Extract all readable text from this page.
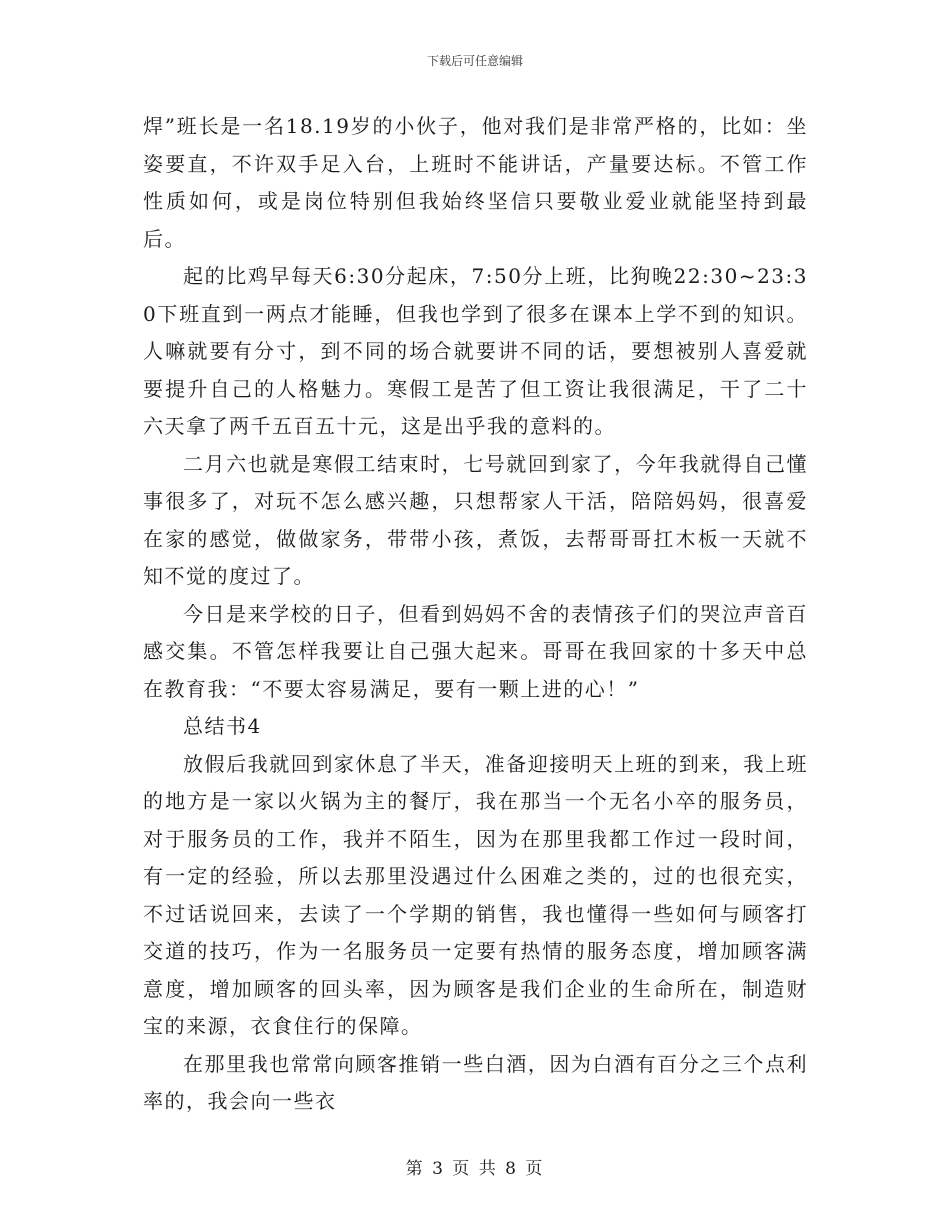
下载后可任意编辑

焊”班长是一名18.19岁的小伙子，他对我们是非常严格的，比如：坐姿要直，不许双手足入台，上班时不能讲话，产量要达标。不管工作性质如何，或是岗位特别但我始终坚信只要敬业爱业就能坚持到最后。

起的比鸡早每天6:30分起床，7:50分上班，比狗晚22:30~23:30下班直到一两点才能睡，但我也学到了很多在课本上学不到的知识。人嘛就要有分寸，到不同的场合就要讲不同的话，要想被别人喜爱就要提升自己的人格魅力。寒假工是苦了但工资让我很满足，干了二十六天拿了两千五百五十元，这是出乎我的意料的。

二月六也就是寒假工结束时，七号就回到家了，今年我就得自己懂事很多了，对玩不怎么感兴趣，只想帮家人干活，陪陪妈妈，很喜爱在家的感觉，做做家务，带带小孩，煮饭，去帮哥哥扛木板一天就不知不觉的度过了。

今日是来学校的日子，但看到妈妈不舍的表情孩子们的哭泣声音百感交集。不管怎样我要让自己强大起来。哥哥在我回家的十多天中总在教育我：“不要太容易满足，要有一颗上进的心！”

总结书4

放假后我就回到家休息了半天，准备迎接明天上班的到来，我上班的地方是一家以火锅为主的餐厅，我在那当一个无名小卒的服务员，对于服务员的工作，我并不陌生，因为在那里我都工作过一段时间，有一定的经验，所以去那里没遇过什么困难之类的，过的也很充实，不过话说回来，去读了一个学期的销售，我也懂得一些如何与顾客打交道的技巧，作为一名服务员一定要有热情的服务态度，增加顾客满意度，增加顾客的回头率，因为顾客是我们企业的生命所在，制造财宝的来源，衣食住行的保障。

在那里我也常常向顾客推销一些白酒，因为白酒有百分之三个点利率的，我会向一些衣

第 3 页 共 8 页
